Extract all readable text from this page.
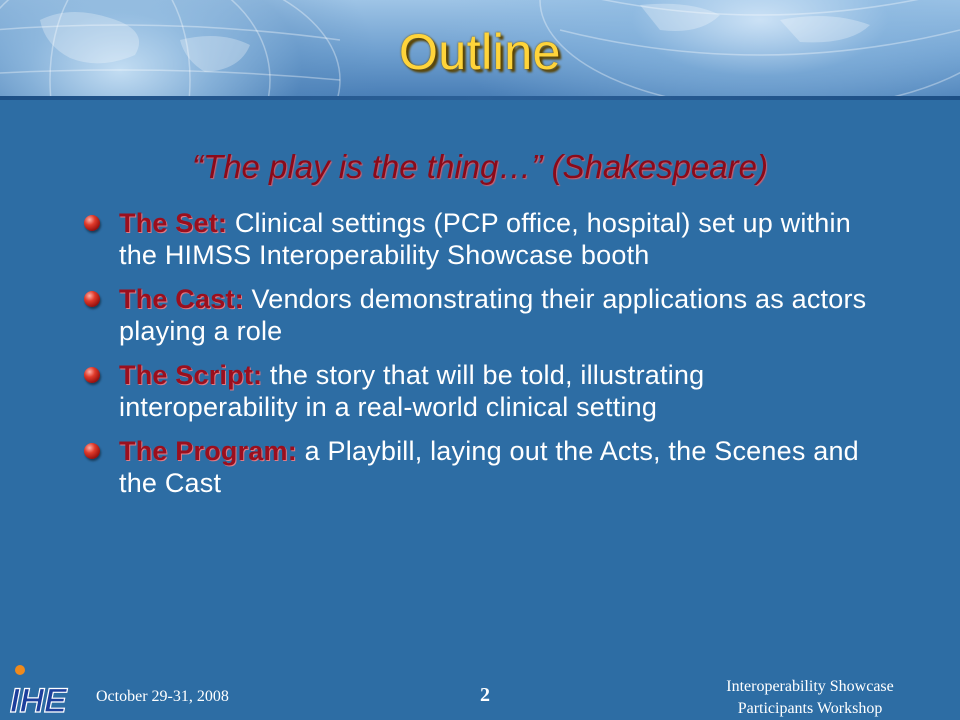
Outline
“The play is the thing…” (Shakespeare)
The Set: Clinical settings (PCP office, hospital) set up within the HIMSS Interoperability Showcase booth
The Cast: Vendors demonstrating their applications as actors playing a role
The Script: the story that will be told, illustrating interoperability in a real-world clinical setting
The Program: a Playbill, laying out the Acts, the Scenes and the Cast
IHE October 29-31, 2008	2	Interoperability Showcase
Participants Workshop
